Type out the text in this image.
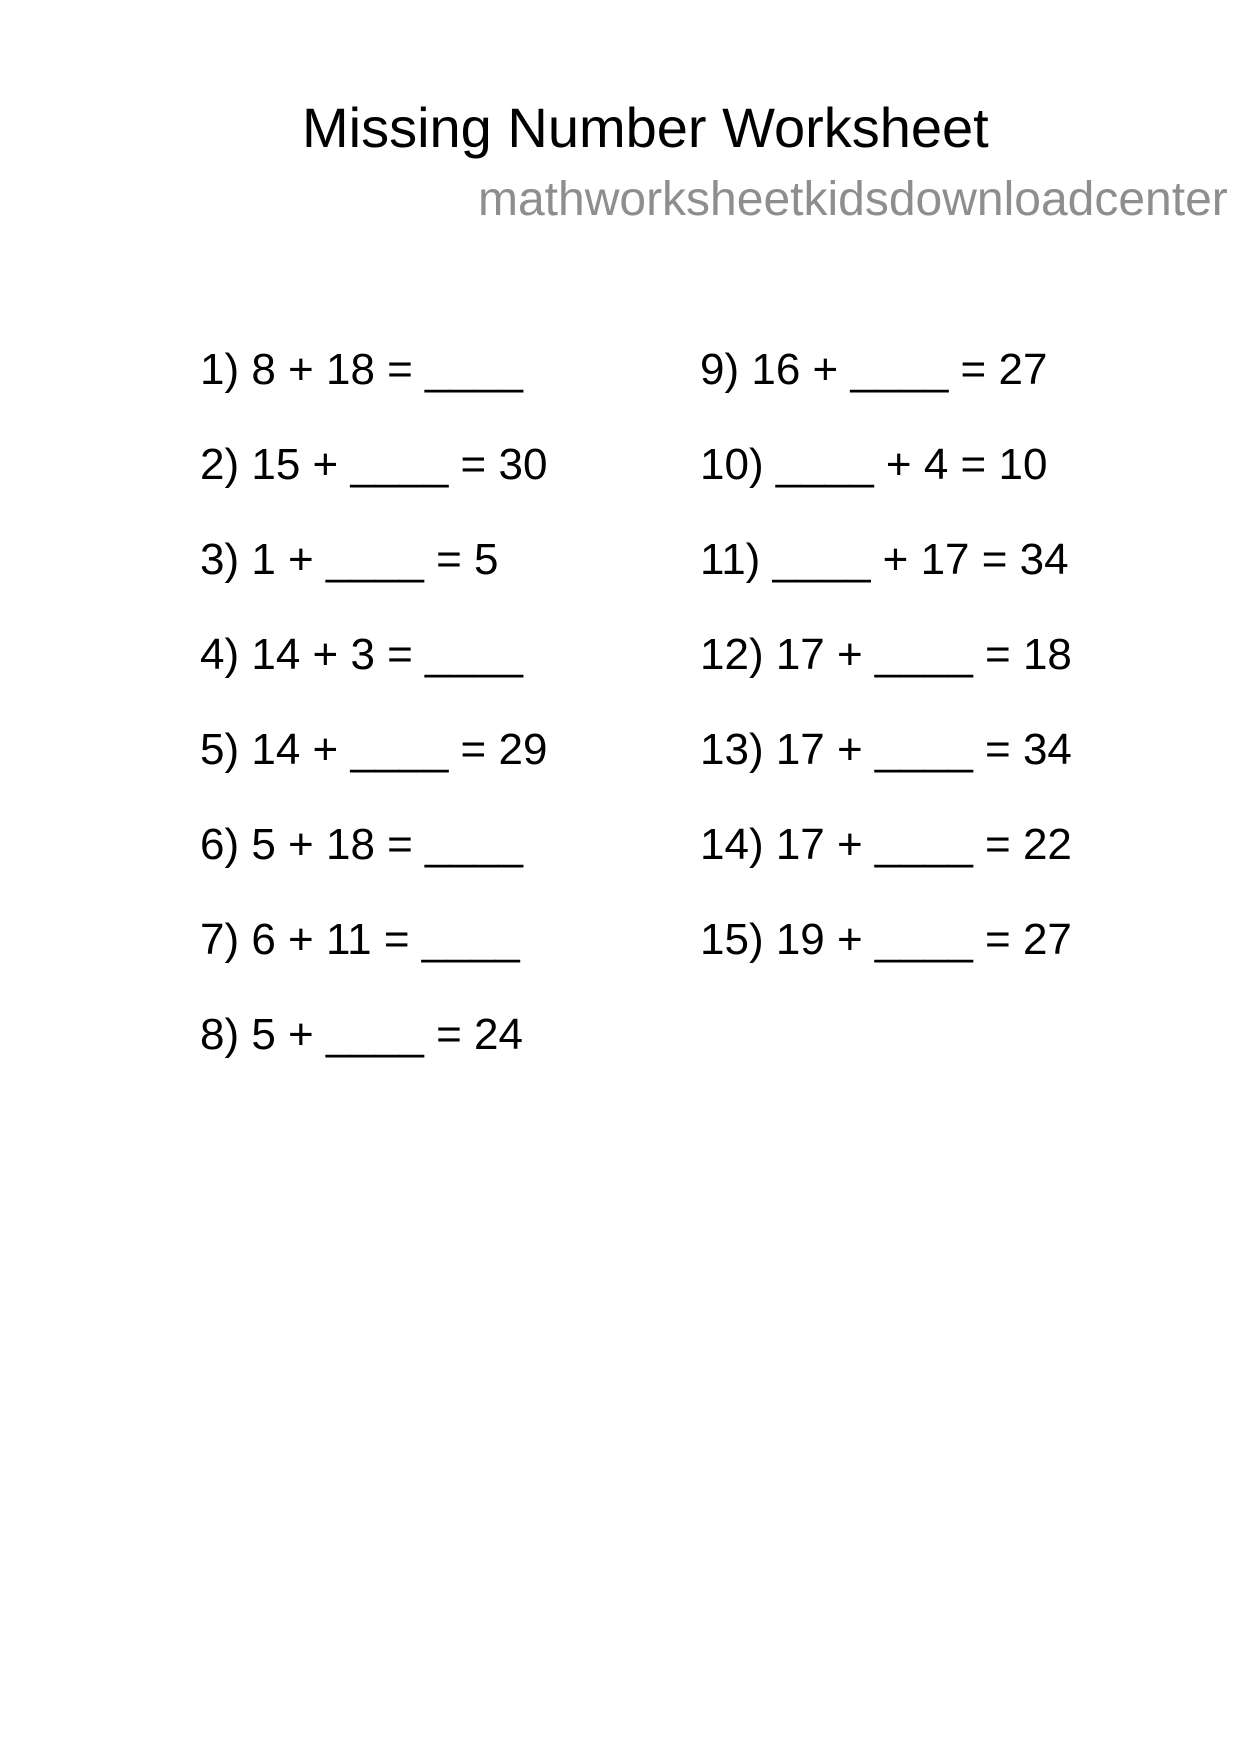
Missing Number Worksheet
mathworksheetkidsdownloadcenter
1) 8 + 18 = ____
2) 15 + ____ = 30
3) 1 + ____ = 5
4) 14 + 3 = ____
5) 14 + ____ = 29
6) 5 + 18 = ____
7) 6 + 11 = ____
8) 5 + ____ = 24
9) 16 + ____ = 27
10) ____ + 4 = 10
11) ____ + 17 = 34
12) 17 + ____ = 18
13) 17 + ____ = 34
14) 17 + ____ = 22
15) 19 + ____ = 27
